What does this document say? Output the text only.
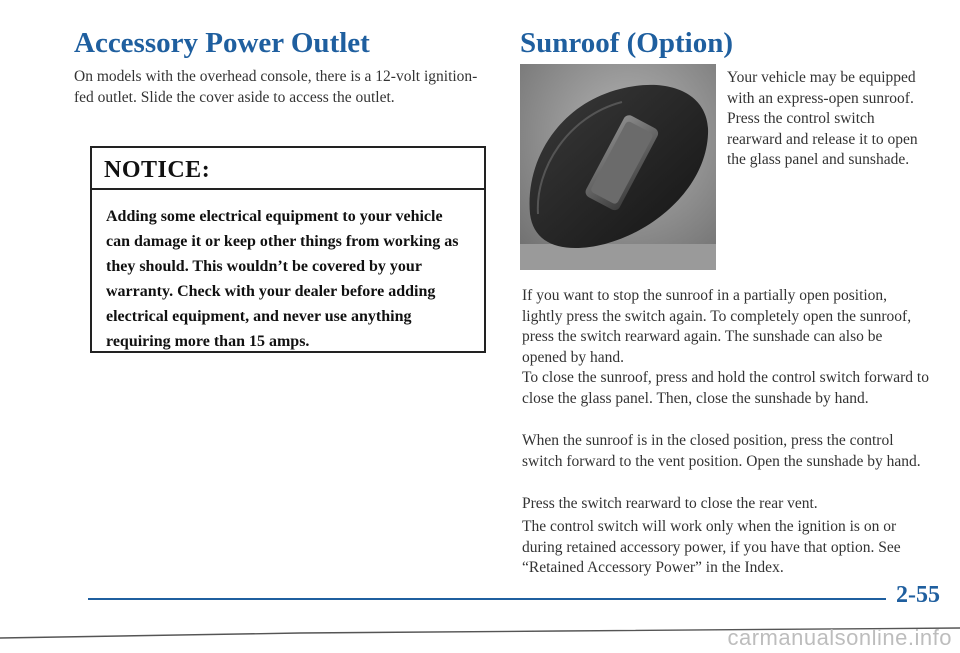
Accessory Power Outlet

On models with the overhead console, there is a 12-volt ignition-fed outlet. Slide the cover aside to access the outlet.

NOTICE:
Adding some electrical equipment to your vehicle can damage it or keep other things from working as they should. This wouldn’t be covered by your warranty. Check with your dealer before adding electrical equipment, and never use anything requiring more than 15 amps.
Sunroof (Option)

Your vehicle may be equipped with an express-open sunroof. Press the control switch rearward and release it to open the glass panel and sunshade.

If you want to stop the sunroof in a partially open position, lightly press the switch again. To completely open the sunroof, press the switch rearward again. The sunshade can also be opened by hand.

To close the sunroof, press and hold the control switch forward to close the glass panel. Then, close the sunshade by hand.

When the sunroof is in the closed position, press the control switch forward to the vent position. Open the sunshade by hand.

Press the switch rearward to close the rear vent.

The control switch will work only when the ignition is on or during retained accessory power, if you have that option. See “Retained Accessory Power” in the Index.

2-55
carmanualsonline.info
